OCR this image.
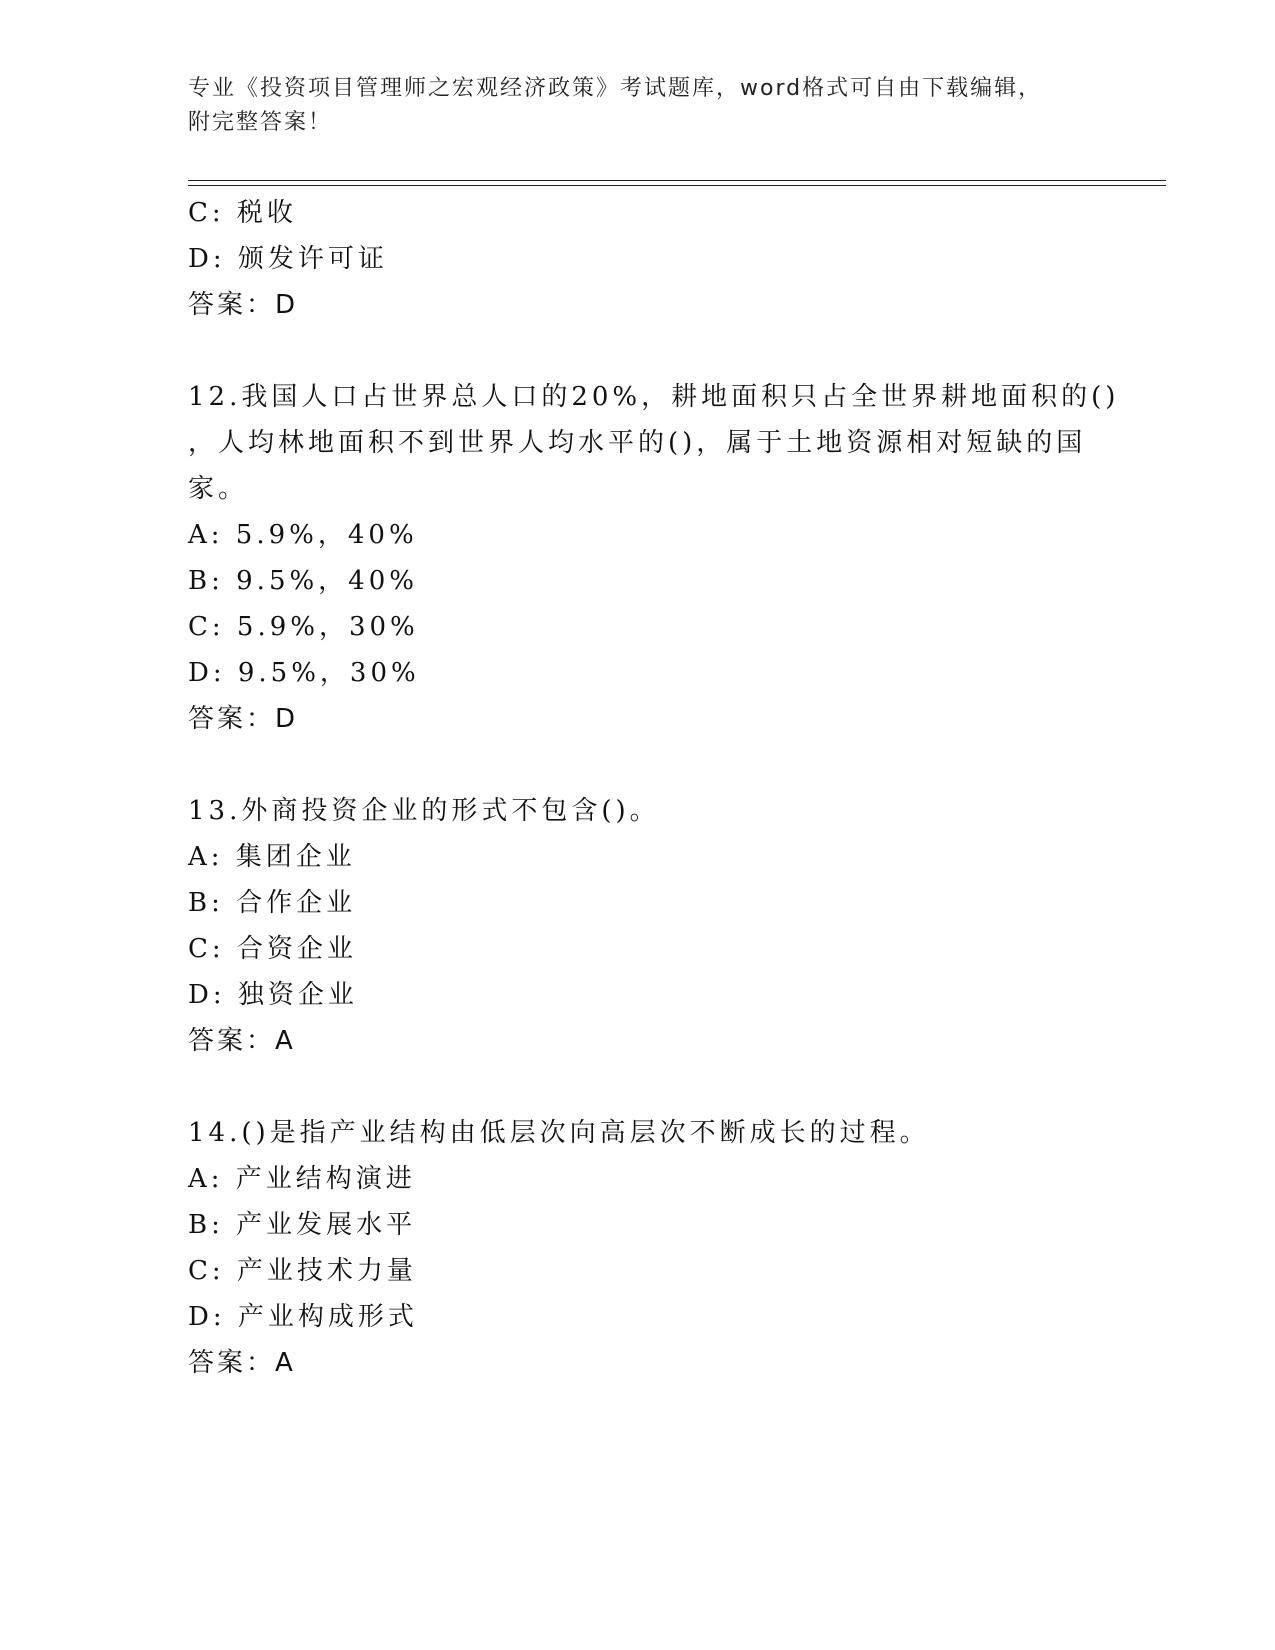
专业《投资项目管理师之宏观经济政策》考试题库，word格式可自由下载编辑，
附完整答案！
C: 税收
D: 颁发许可证
答案：D
12.我国人口占世界总人口的20%，耕地面积只占全世界耕地面积的()
，人均林地面积不到世界人均水平的()，属于土地资源相对短缺的国
家。
A: 5.9%，40%
B: 9.5%，40%
C: 5.9%，30%
D: 9.5%，30%
答案：D
13.外商投资企业的形式不包含()。
A: 集团企业
B: 合作企业
C: 合资企业
D: 独资企业
答案：A
14.()是指产业结构由低层次向高层次不断成长的过程。
A: 产业结构演进
B: 产业发展水平
C: 产业技术力量
D: 产业构成形式
答案：A
